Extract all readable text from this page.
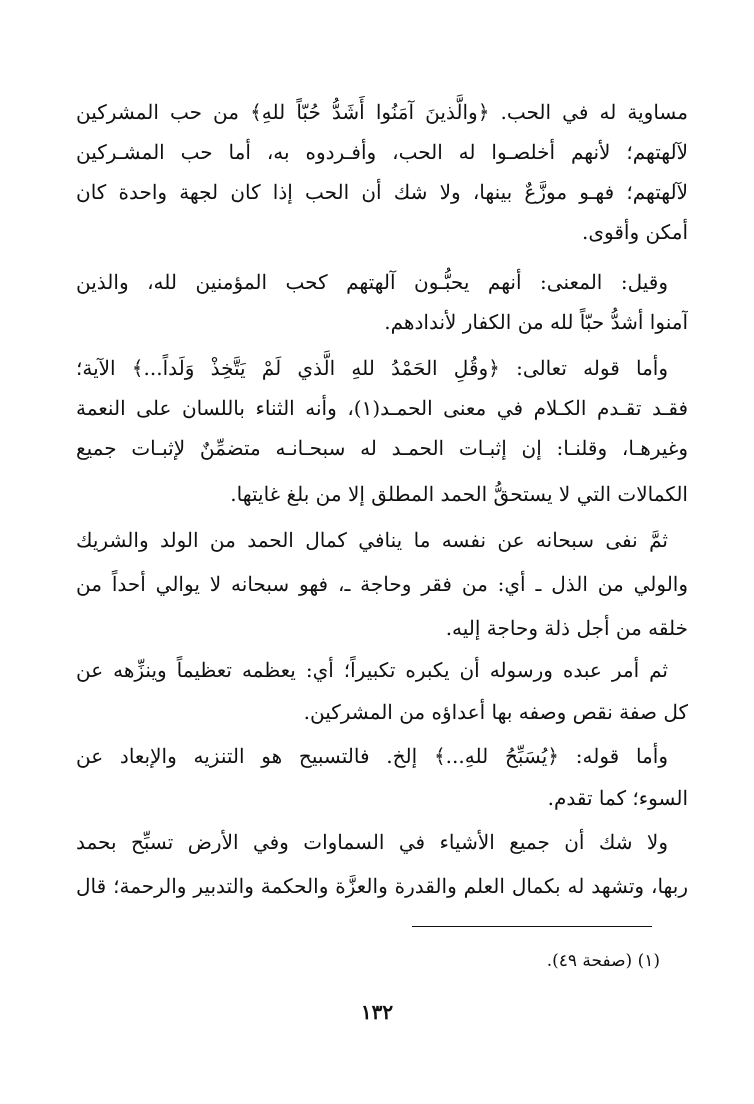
مساوية له في الحب. ﴿والَّذينَ آمَنُوا أَشَدُّ حُبّاً للهِ﴾ من حب المشركين
لآلهتهم؛ لأنهم أخلصـوا له الحب، وأفـردوه به، أما حب المشـركين
لآلهتهم؛ فهـو موزَّعٌ بينها، ولا شك أن الحب إذا كان لجهة واحدة كان
أمكن وأقوى.
وقيل: المعنى: أنهم يحبُّـون آلهتهم كحب المؤمنين لله، والذين
آمنوا أشدُّ حبّاً لله من الكفار لأندادهم.
وأما قوله تعالى: ﴿وقُلِ الحَمْدُ للهِ الَّذي لَمْ يَتَّخِذْ وَلَداً...﴾ الآية؛
فقـد تقـدم الكـلام في معنى الحمـد(١)، وأنه الثناء باللسان على النعمة
وغيرهـا، وقلنـا: إن إثبـات الحمـد له سبحـانـه متضمِّنٌ لإثبـات جميع
الكمالات التي لا يستحقُّ الحمد المطلق إلا من بلغ غايتها.
ثمَّ نفى سبحانه عن نفسه ما ينافي كمال الحمد من الولد والشريك
والولي من الذل ـ أي: من فقر وحاجة ـ، فهو سبحانه لا يوالي أحداً من
خلقه من أجل ذلة وحاجة إليه.
ثم أمر عبده ورسوله أن يكبره تكبيراً؛ أي: يعظمه تعظيماً وينزِّهه عن
كل صفة نقص وصفه بها أعداؤه من المشركين.
وأما قوله: ﴿يُسَبِّحُ للهِ...﴾ إلخ. فالتسبيح هو التنزيه والإبعاد عن
السوء؛ كما تقدم.
ولا شك أن جميع الأشياء في السماوات وفي الأرض تسبِّح بحمد
ربها، وتشهد له بكمال العلم والقدرة والعزَّة والحكمة والتدبير والرحمة؛ قال
(١) (صفحة ٤٩).
١٣٢
